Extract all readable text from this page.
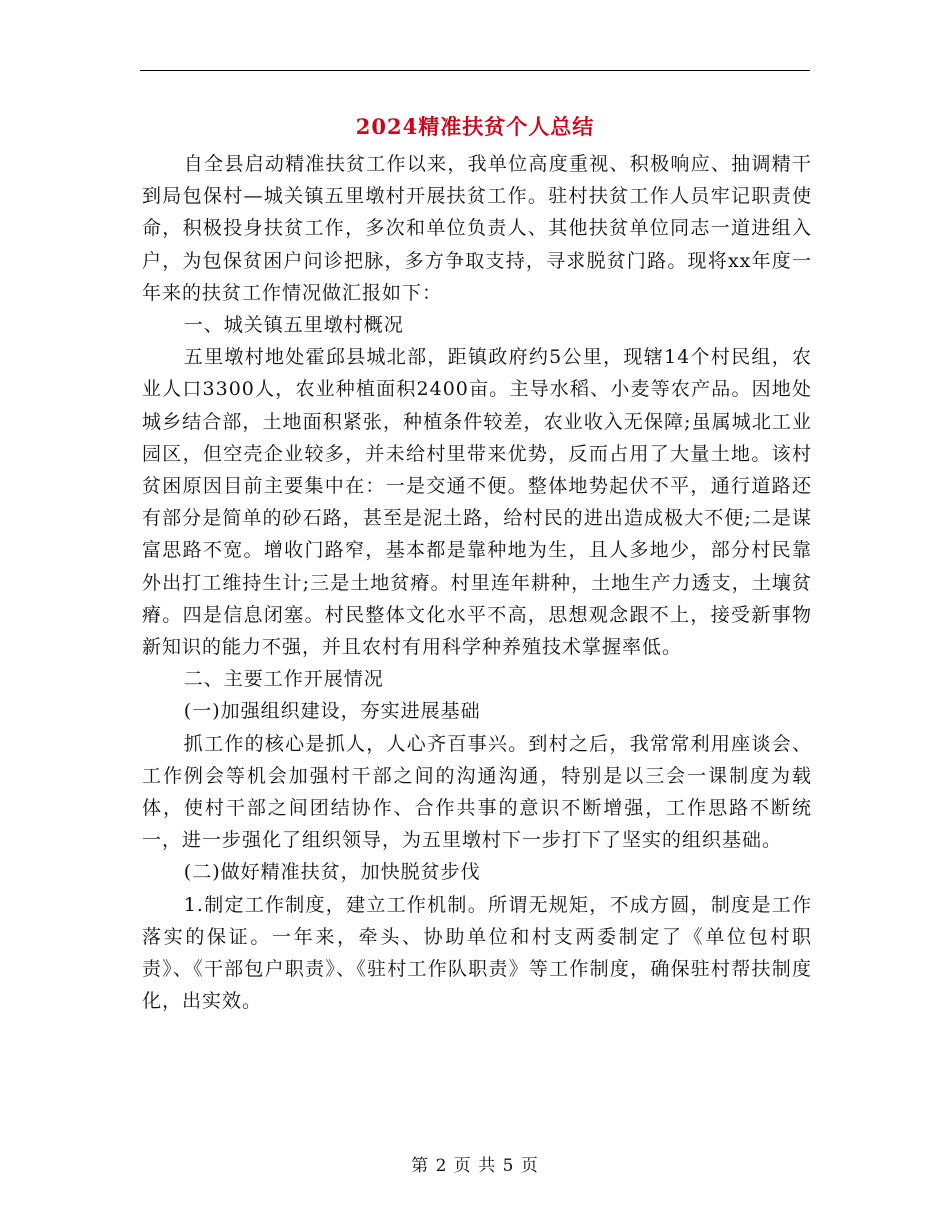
2024精准扶贫个人总结

自全县启动精准扶贫工作以来，我单位高度重视、积极响应、抽调精干到局包保村—城关镇五里墩村开展扶贫工作。驻村扶贫工作人员牢记职责使命，积极投身扶贫工作，多次和单位负责人、其他扶贫单位同志一道进组入户，为包保贫困户问诊把脉，多方争取支持，寻求脱贫门路。现将xx年度一年来的扶贫工作情况做汇报如下：

一、城关镇五里墩村概况

五里墩村地处霍邱县城北部，距镇政府约5公里，现辖14个村民组，农业人口3300人，农业种植面积2400亩。主导水稻、小麦等农产品。因地处城乡结合部，土地面积紧张，种植条件较差，农业收入无保障;虽属城北工业园区，但空壳企业较多，并未给村里带来优势，反而占用了大量土地。该村贫困原因目前主要集中在：一是交通不便。整体地势起伏不平，通行道路还有部分是简单的砂石路，甚至是泥土路，给村民的进出造成极大不便;二是谋富思路不宽。增收门路窄，基本都是靠种地为生，且人多地少，部分村民靠外出打工维持生计;三是土地贫瘠。村里连年耕种，土地生产力透支，土壤贫瘠。四是信息闭塞。村民整体文化水平不高，思想观念跟不上，接受新事物新知识的能力不强，并且农村有用科学种养殖技术掌握率低。

二、主要工作开展情况

(一)加强组织建设，夯实进展基础

抓工作的核心是抓人，人心齐百事兴。到村之后，我常常利用座谈会、工作例会等机会加强村干部之间的沟通沟通，特别是以三会一课制度为载体，使村干部之间团结协作、合作共事的意识不断增强，工作思路不断统一，进一步强化了组织领导，为五里墩村下一步打下了坚实的组织基础。

(二)做好精准扶贫，加快脱贫步伐

1.制定工作制度，建立工作机制。所谓无规矩，不成方圆，制度是工作落实的保证。一年来，牵头、协助单位和村支两委制定了《单位包村职责》、《干部包户职责》、《驻村工作队职责》等工作制度，确保驻村帮扶制度化，出实效。

第 2 页 共 5 页
